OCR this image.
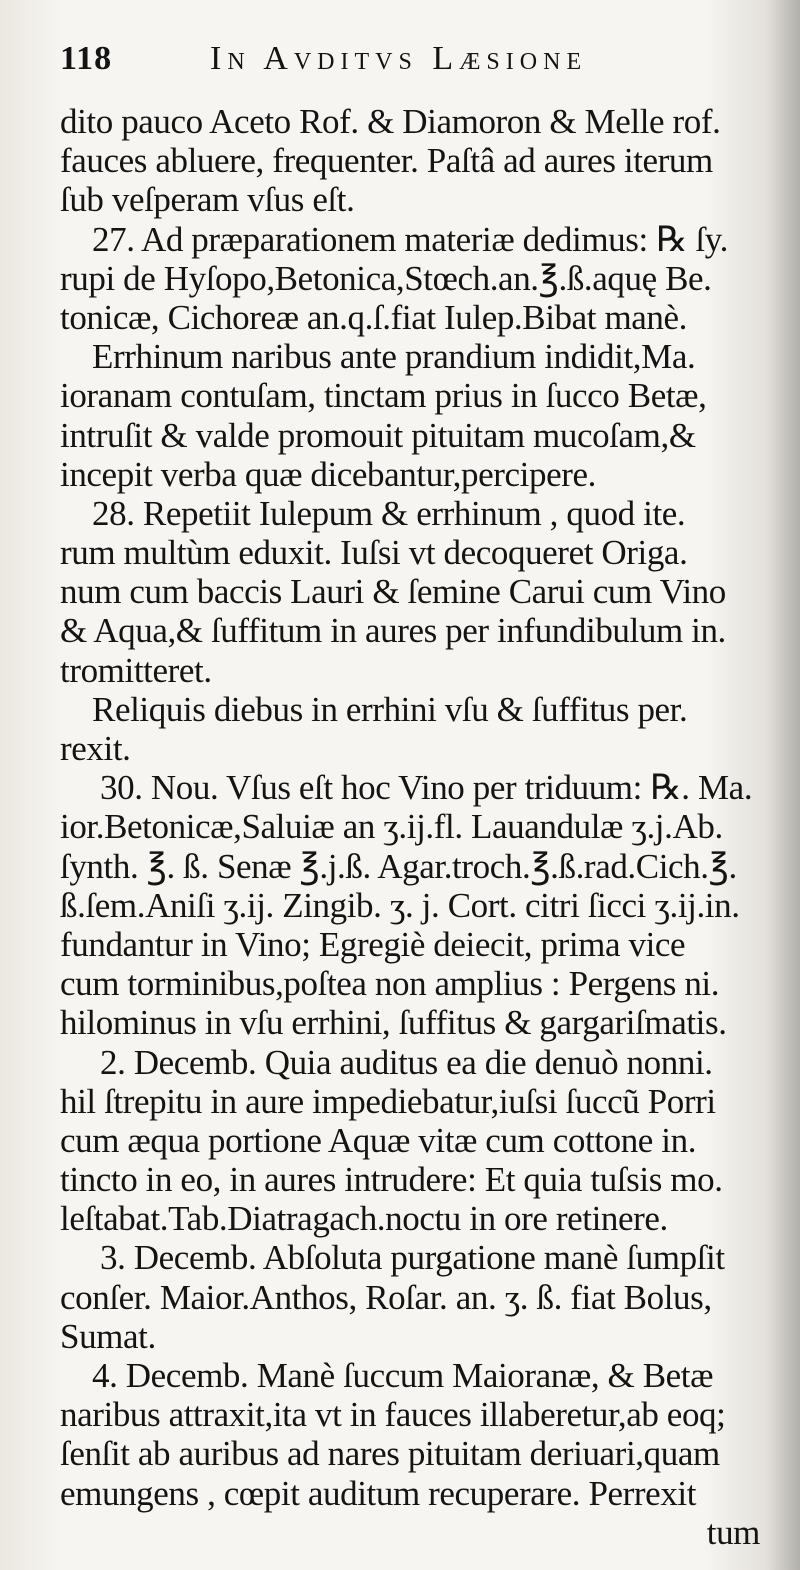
118	In Avditvs Læsione
dito pauco Aceto Rof. & Diamoron & Melle rof.
fauces abluere, frequenter. Paſtâ ad aures iterum
ſub veſperam vſus eſt.
27. Ad præparationem materiæ dedimus: ℞ ſy.
rupi de Hyſopo,Betonica,Stœch.an.℥.ß.aquę Be.
tonicæ, Cichoreæ an.q.ſ.fiat Iulep.Bibat manè.
Errhinum naribus ante prandium indidit,Ma.
ioranam contuſam, tinctam prius in ſucco Betæ,
intruſit & valde promouit pituitam mucoſam,&
incepit verba quæ dicebantur,percipere.
28. Repetiit Iulepum & errhinum , quod ite.
rum multùm eduxit. Iuſsi vt decoqueret Origa.
num cum baccis Lauri & ſemine Carui cum Vino
& Aqua,& ſuffitum in aures per infundibulum in.
tromitteret.
Reliquis diebus in errhini vſu & ſuffitus per.
rexit.
30. Nou. Vſus eſt hoc Vino per triduum: ℞. Ma.
ior.Betonicæ,Saluiæ an ʒ.ij.fl. Lauandulæ ʒ.j.Ab.
ſynth. ℥. ß. Senæ ℥.j.ß. Agar.troch.℥.ß.rad.Cich.℥.
ß.ſem.Aniſi ʒ.ij. Zingib. ʒ. j. Cort. citri ſicci ʒ.ij.in.
fundantur in Vino; Egregiè deiecit, prima vice
cum torminibus,poſtea non amplius : Pergens ni.
hilominus in vſu errhini, ſuffitus & gargariſmatis.
2. Decemb. Quia auditus ea die denuò nonni.
hil ſtrepitu in aure impediebatur,iuſsi ſuccũ Porri
cum æqua portione Aquæ vitæ cum cottone in.
tincto in eo, in aures intrudere: Et quia tuſsis mo.
leſtabat.Tab.Diatragach.noctu in ore retinere.
3. Decemb. Abſoluta purgatione manè ſumpſit
conſer. Maior.Anthos, Roſar. an. ʒ. ß. fiat Bolus,
Sumat.
4. Decemb. Manè ſuccum Maioranæ, & Betæ
naribus attraxit,ita vt in fauces illaberetur,ab eoq;
ſenſit ab auribus ad nares pituitam deriuari,quam
emungens , cœpit auditum recuperare. Perrexit
tum
